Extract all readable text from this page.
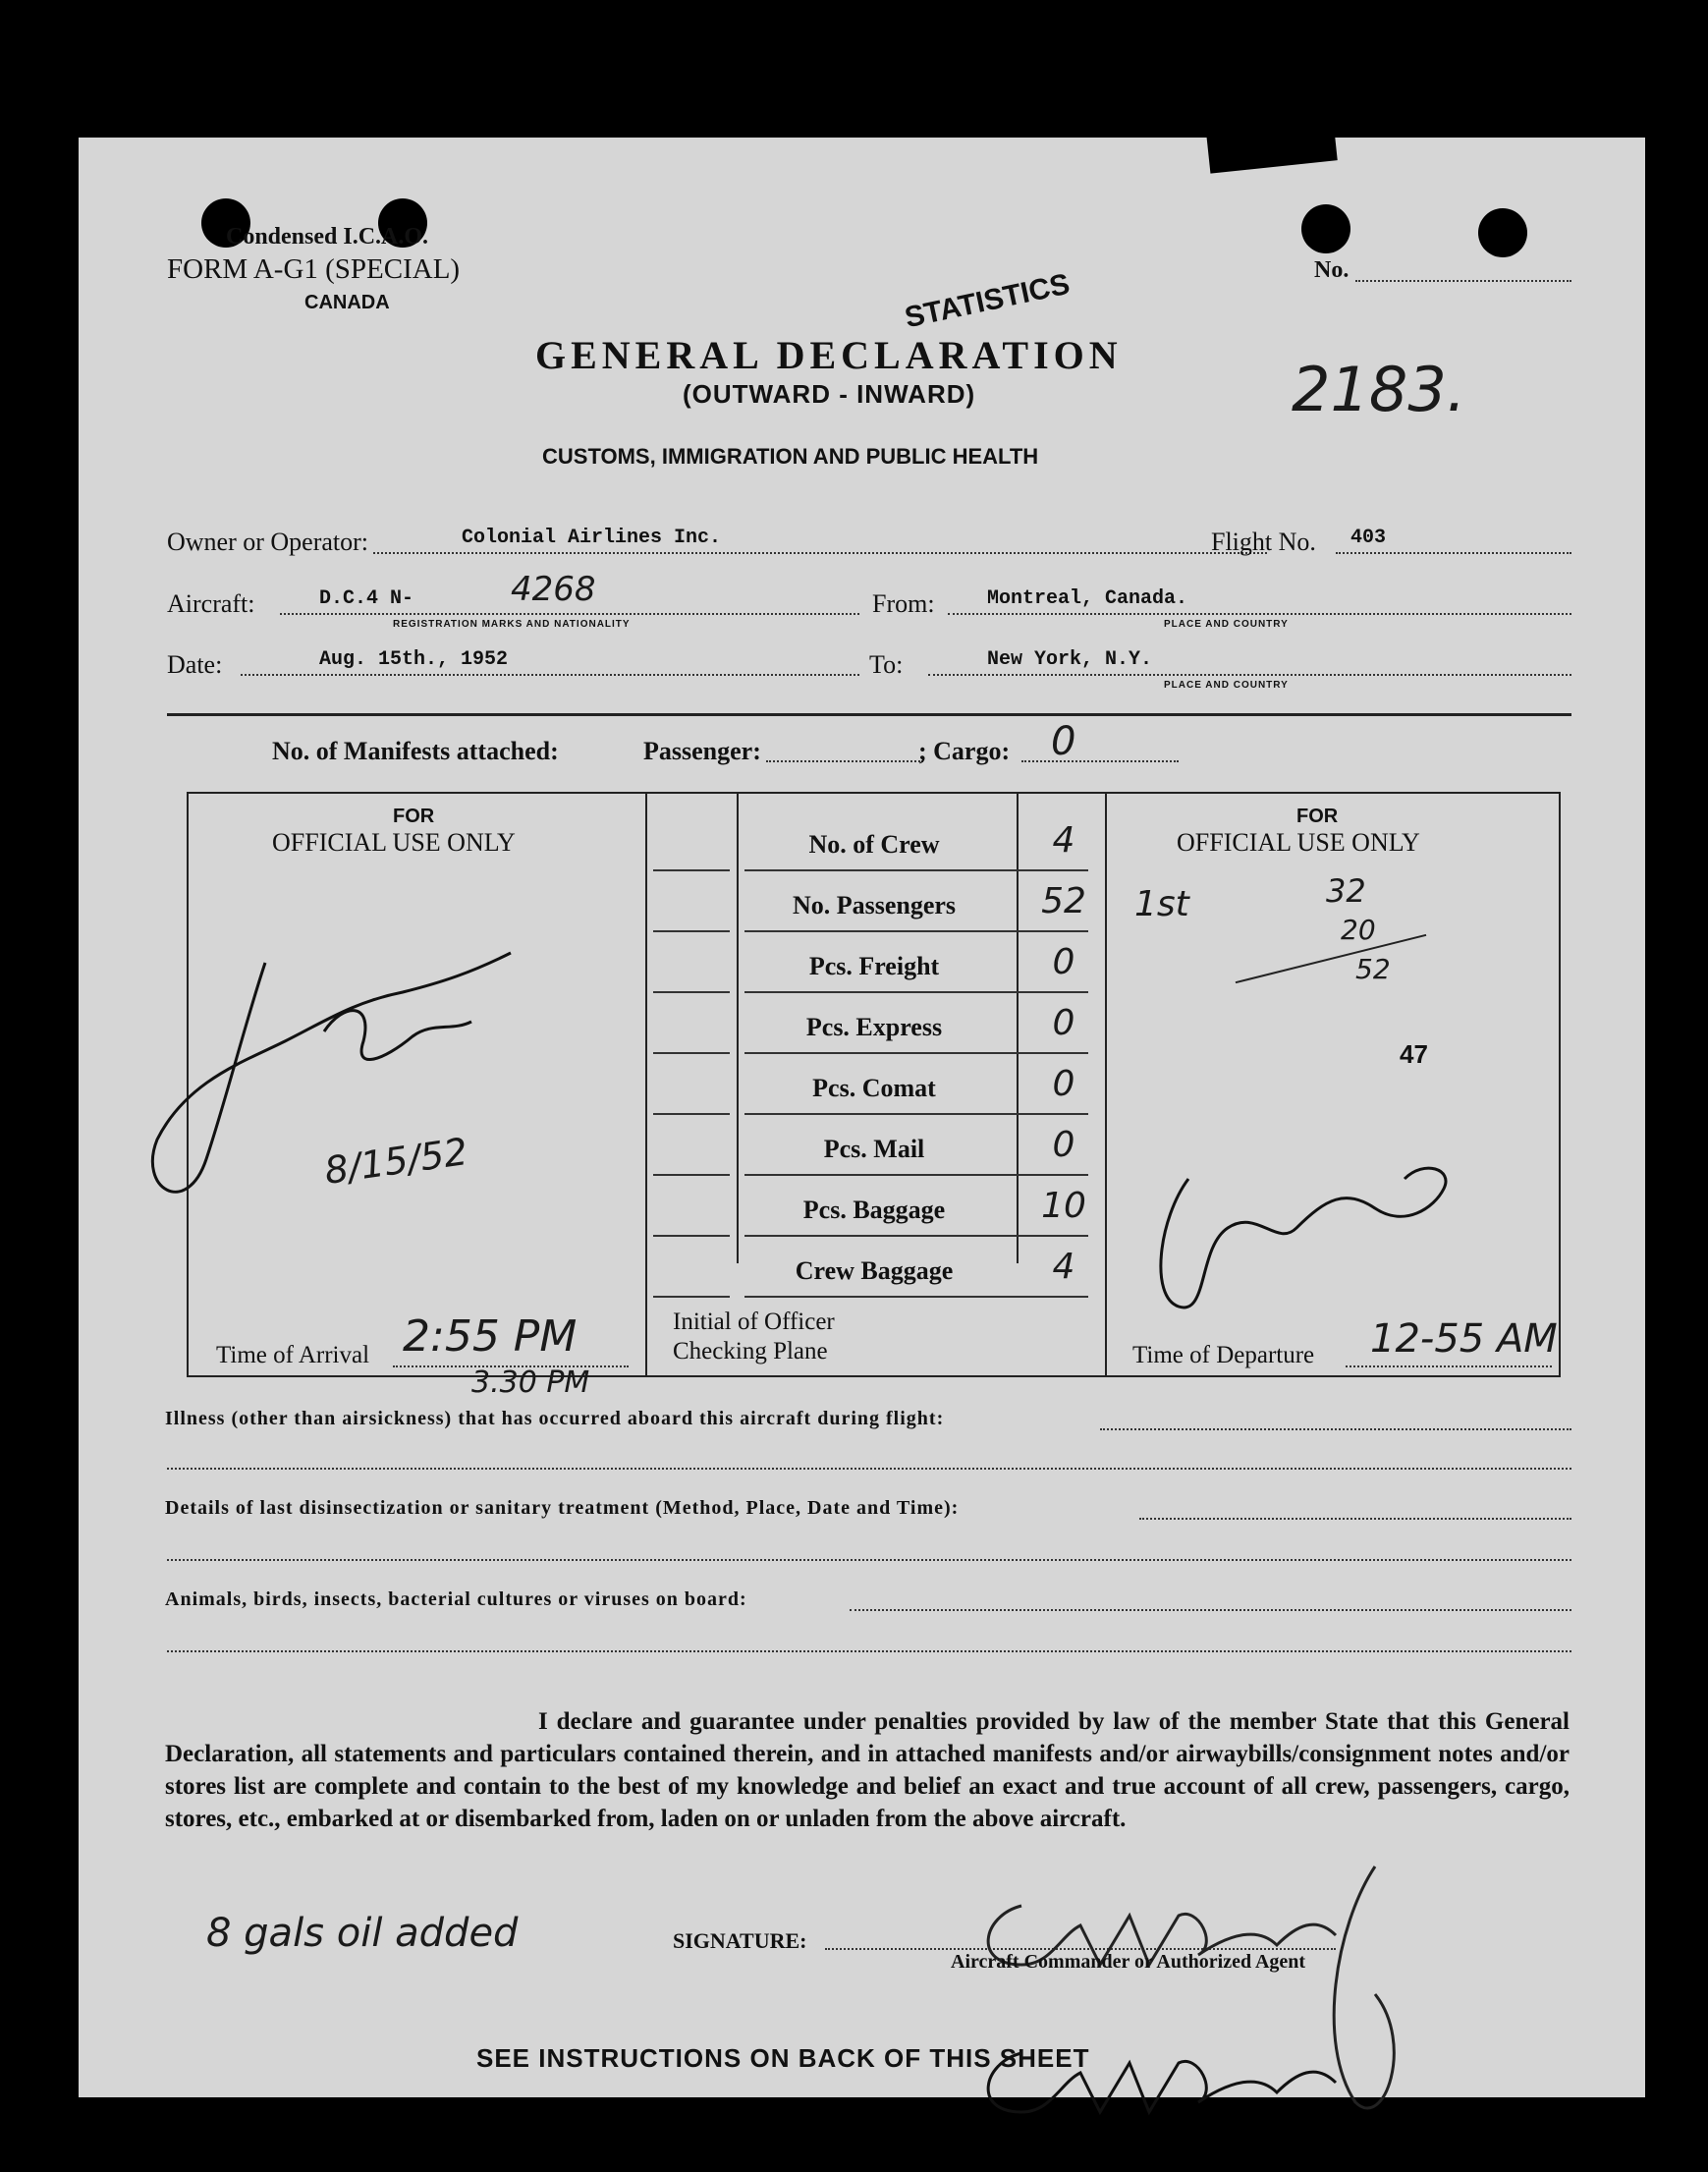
Condensed I.C.A.O.
FORM A-G1 (SPECIAL)
CANADA
No.
STATISTICS
GENERAL DECLARATION
(OUTWARD - INWARD)	2183.
CUSTOMS, IMMIGRATION AND PUBLIC HEALTH
Owner or Operator:	Colonial Airlines Inc.	Flight No. 403
Aircraft:	D.C.4 N-	4268
REGISTRATION MARKS AND NATIONALITY
From:	Montreal, Canada.
PLACE AND COUNTRY
Date:	Aug. 15th., 1952	To:	New York, N.Y.
PLACE AND COUNTRY
No. of Manifests attached:	Passenger:	; Cargo: 0
FOR
OFFICIAL USE ONLY
FOR
OFFICIAL USE ONLY
No. of Crew	4
No. Passengers	52
Pcs. Freight	0
Pcs. Express	0
Pcs. Comat	0
Pcs. Mail	0
Pcs. Baggage	10
Crew Baggage	4
Initial of Officer
Checking Plane
Time of Arrival 2:55 PM
3.30 PM
Time of Departure 12-55 AM
1st	32
20
52
47
8/15/52
Illness (other than airsickness) that has occurred aboard this aircraft during flight:
Details of last disinsectization or sanitary treatment (Method, Place, Date and Time):
Animals, birds, insects, bacterial cultures or viruses on board:
I declare and guarantee under penalties provided by law of the member State that this General Declaration, all statements and particulars contained therein, and in attached manifests and/or airwaybills/consignment notes and/or stores list are complete and contain to the best of my knowledge and belief an exact and true account of all crew, passengers, cargo, stores, etc., embarked at or disembarked from, laden on or unladen from the above aircraft.
8 gals oil added	SIGNATURE:
Aircraft Commander or Authorized Agent
SEE INSTRUCTIONS ON BACK OF THIS SHEET
